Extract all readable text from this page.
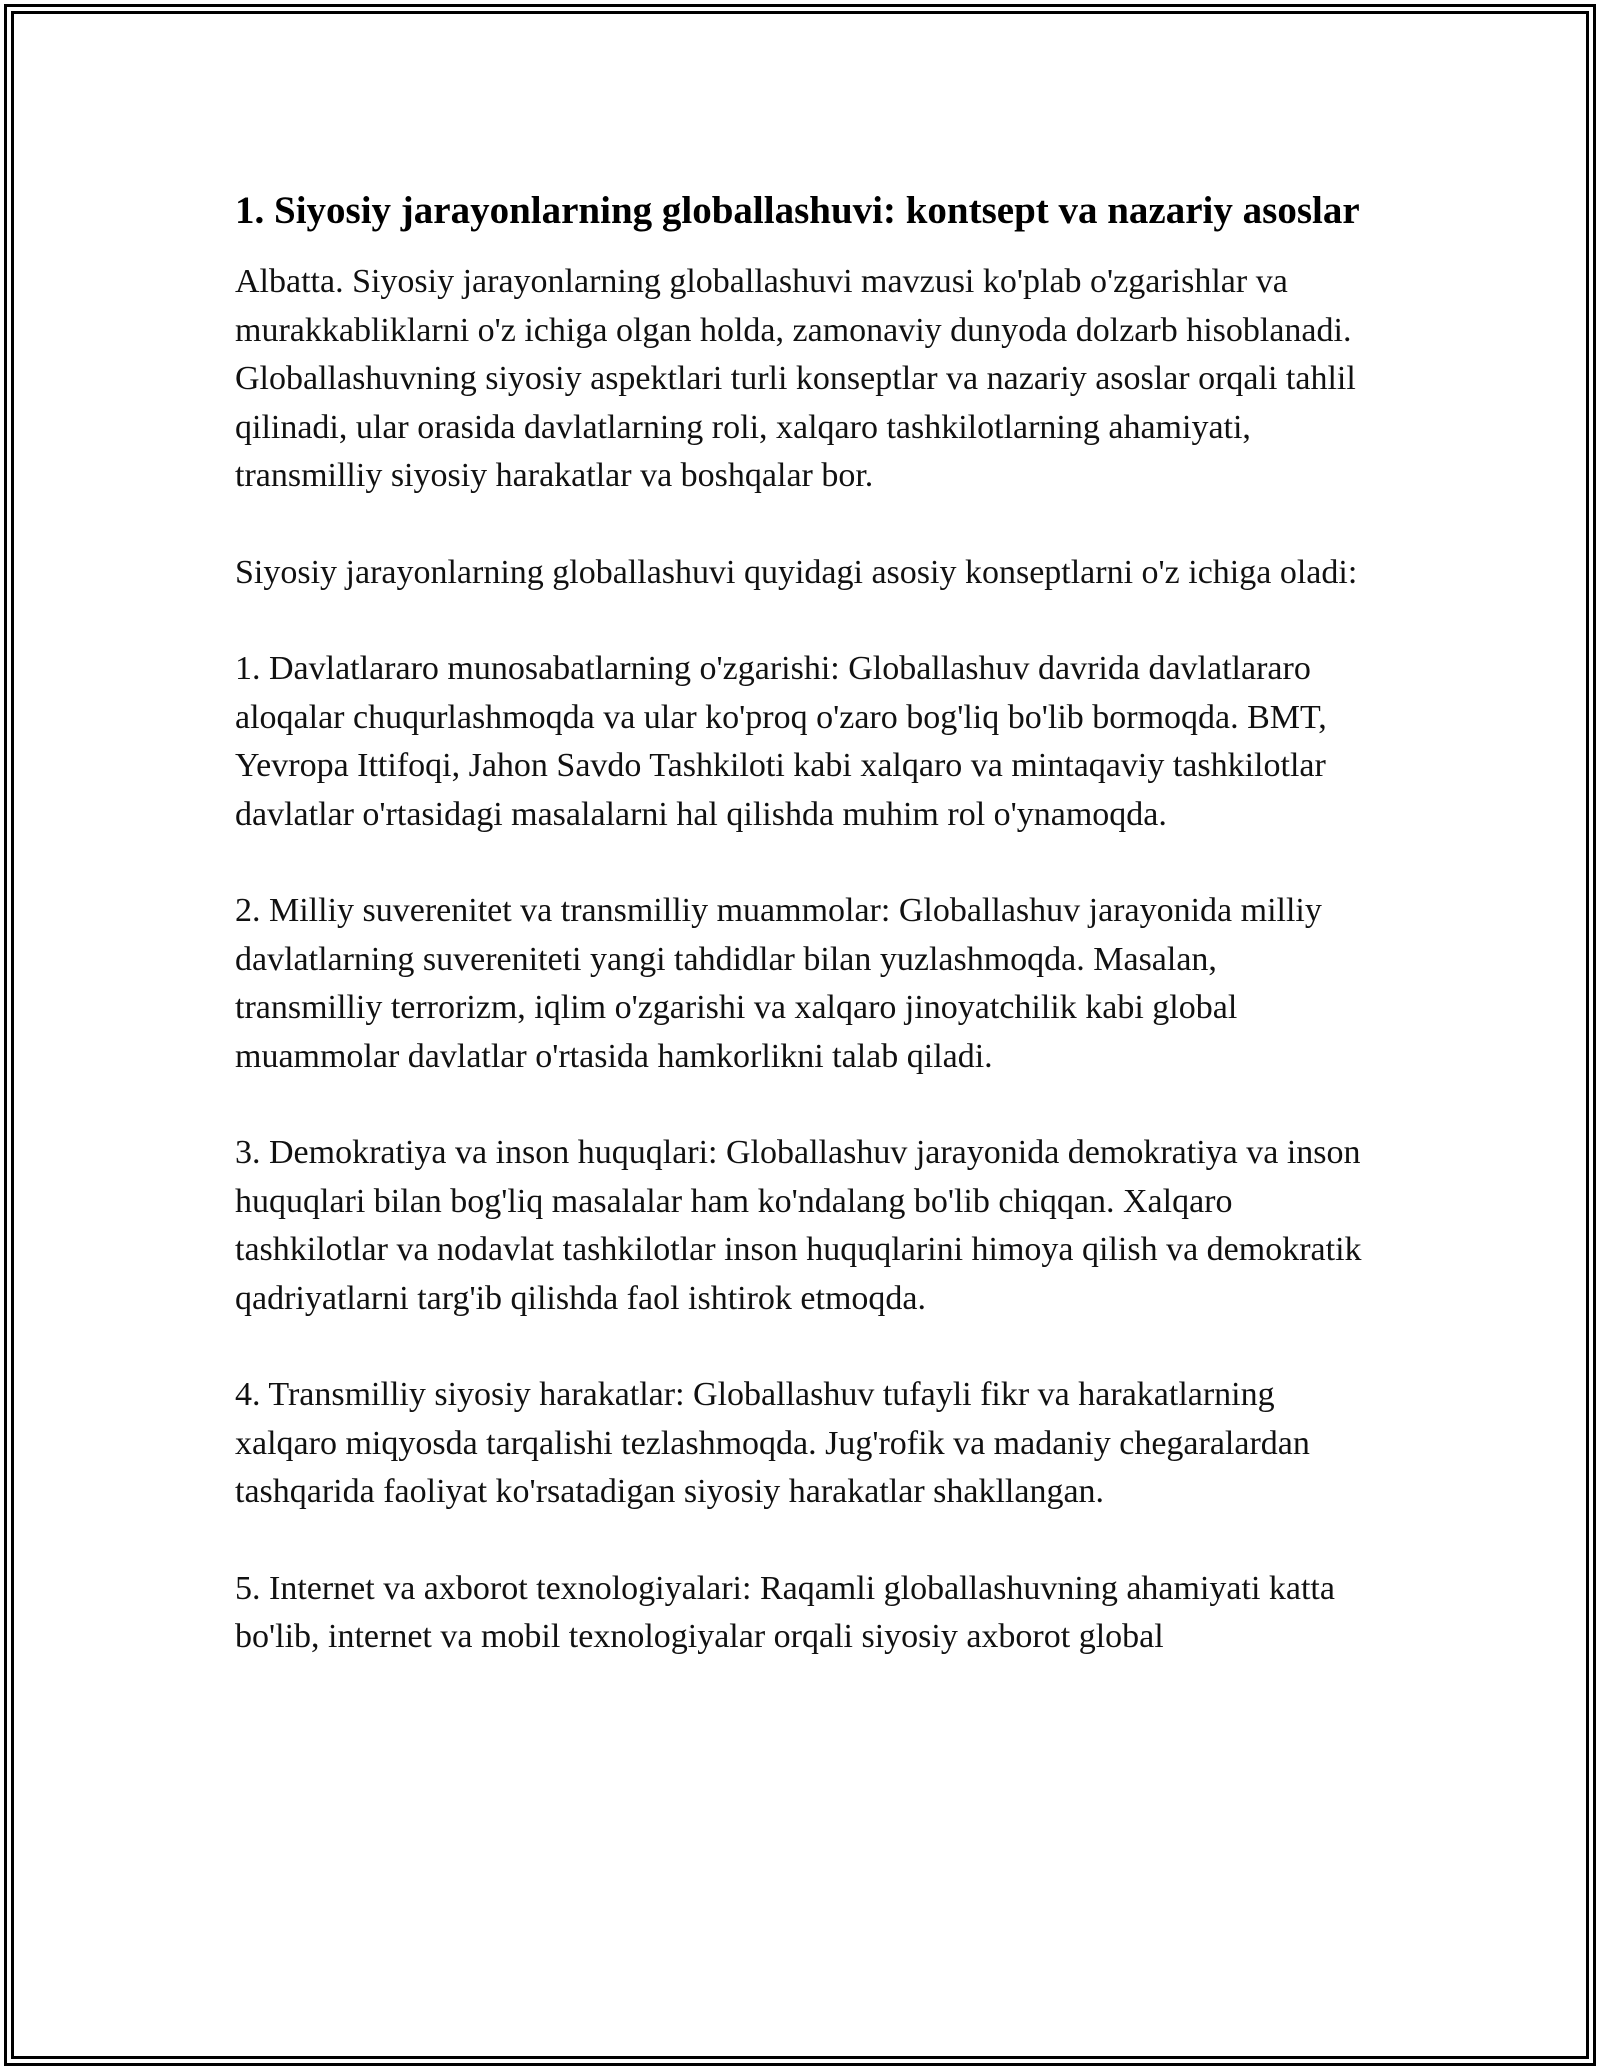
1. Siyosiy jarayonlarning globallashuvi: kontsept va nazariy asoslar

Albatta. Siyosiy jarayonlarning globallashuvi mavzusi ko'plab o'zgarishlar va murakkabliklarni o'z ichiga olgan holda, zamonaviy dunyoda dolzarb hisoblanadi. Globallashuvning siyosiy aspektlari turli konseptlar va nazariy asoslar orqali tahlil qilinadi, ular orasida davlatlarning roli, xalqaro tashkilotlarning ahamiyati, transmilliy siyosiy harakatlar va boshqalar bor.

Siyosiy jarayonlarning globallashuvi quyidagi asosiy konseptlarni o'z ichiga oladi:

1. Davlatlararo munosabatlarning o'zgarishi: Globallashuv davrida davlatlararo aloqalar chuqurlashmoqda va ular ko'proq o'zaro bog'liq bo'lib bormoqda. BMT, Yevropa Ittifoqi, Jahon Savdo Tashkiloti kabi xalqaro va mintaqaviy tashkilotlar davlatlar o'rtasidagi masalalarni hal qilishda muhim rol o'ynamoqda.

2. Milliy suverenitet va transmilliy muammolar: Globallashuv jarayonida milliy davlatlarning suvereniteti yangi tahdidlar bilan yuzlashmoqda. Masalan, transmilliy terrorizm, iqlim o'zgarishi va xalqaro jinoyatchilik kabi global muammolar davlatlar o'rtasida hamkorlikni talab qiladi.

3. Demokratiya va inson huquqlari: Globallashuv jarayonida demokratiya va inson huquqlari bilan bog'liq masalalar ham ko'ndalang bo'lib chiqqan. Xalqaro tashkilotlar va nodavlat tashkilotlar inson huquqlarini himoya qilish va demokratik qadriyatlarni targ'ib qilishda faol ishtirok etmoqda.

4. Transmilliy siyosiy harakatlar: Globallashuv tufayli fikr va harakatlarning xalqaro miqyosda tarqalishi tezlashmoqda. Jug'rofik va madaniy chegaralardan tashqarida faoliyat ko'rsatadigan siyosiy harakatlar shakllangan.

5. Internet va axborot texnologiyalari: Raqamli globallashuvning ahamiyati katta bo'lib, internet va mobil texnologiyalar orqali siyosiy axborot global
